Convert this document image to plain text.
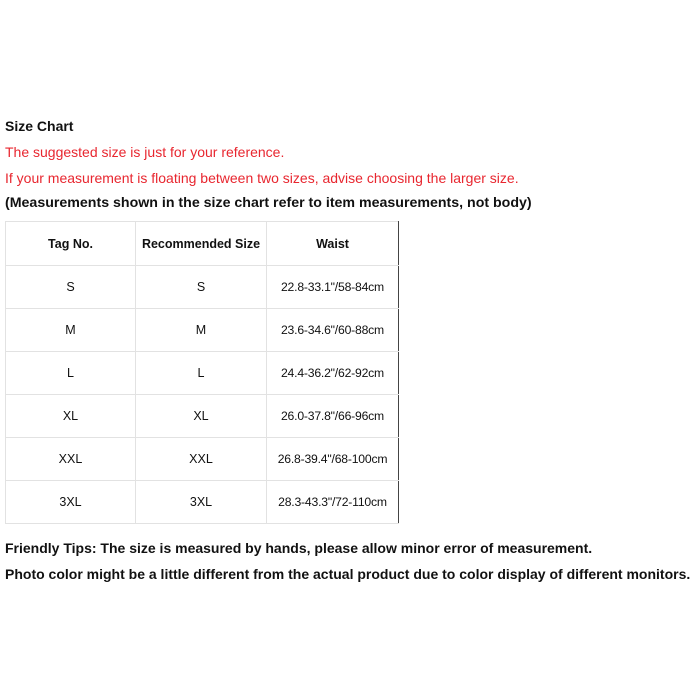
Size Chart
The suggested size is just for your reference.
If your measurement is floating between two sizes, advise choosing the larger size.
(Measurements shown in the size chart refer to item measurements, not body)
Tag No.	Recommended Size	Waist
S	S	22.8-33.1"/58-84cm
M	M	23.6-34.6"/60-88cm
L	L	24.4-36.2"/62-92cm
XL	XL	26.0-37.8"/66-96cm
XXL	XXL	26.8-39.4"/68-100cm
3XL	3XL	28.3-43.3"/72-110cm
Friendly Tips: The size is measured by hands, please allow minor error of measurement.
Photo color might be a little different from the actual product due to color display of different monitors.
